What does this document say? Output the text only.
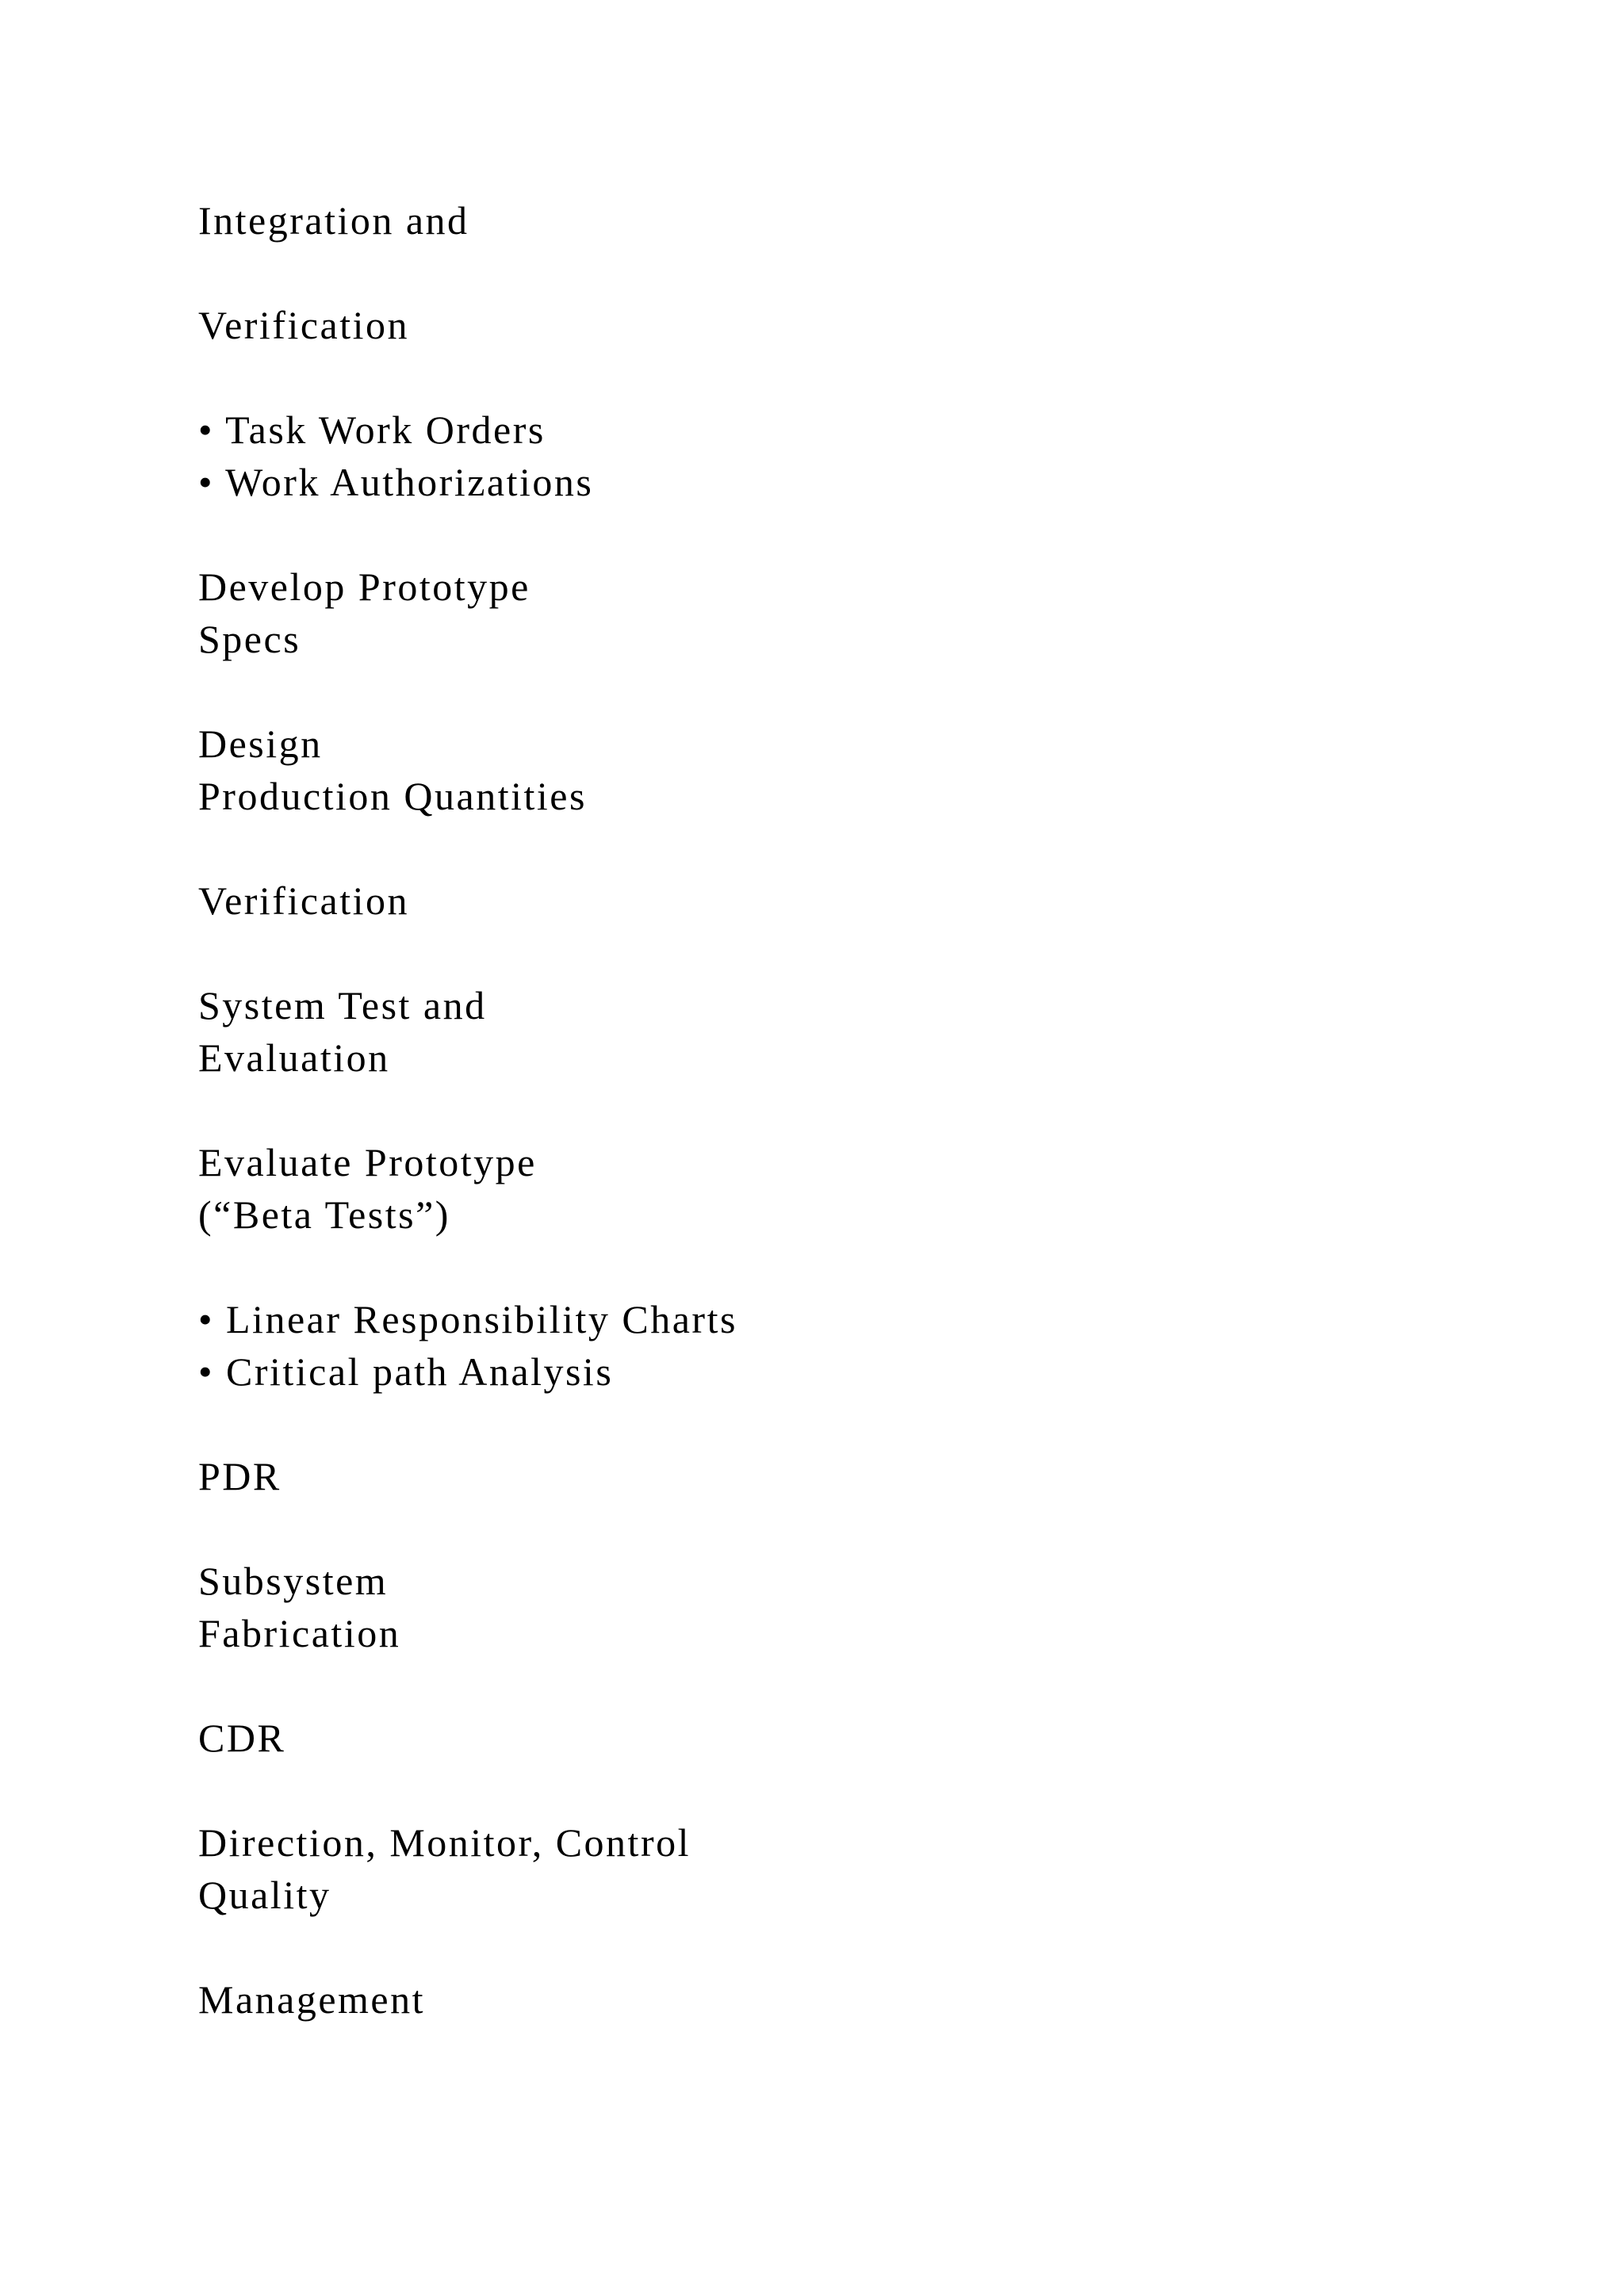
Integration and

Verification

• Task Work Orders
• Work Authorizations

Develop Prototype
Specs

Design
Production Quantities

Verification

System Test and
Evaluation

Evaluate Prototype
(“Beta Tests”)

• Linear Responsibility Charts
• Critical path Analysis

PDR

Subsystem
Fabrication

CDR

Direction, Monitor, Control
Quality

Management
